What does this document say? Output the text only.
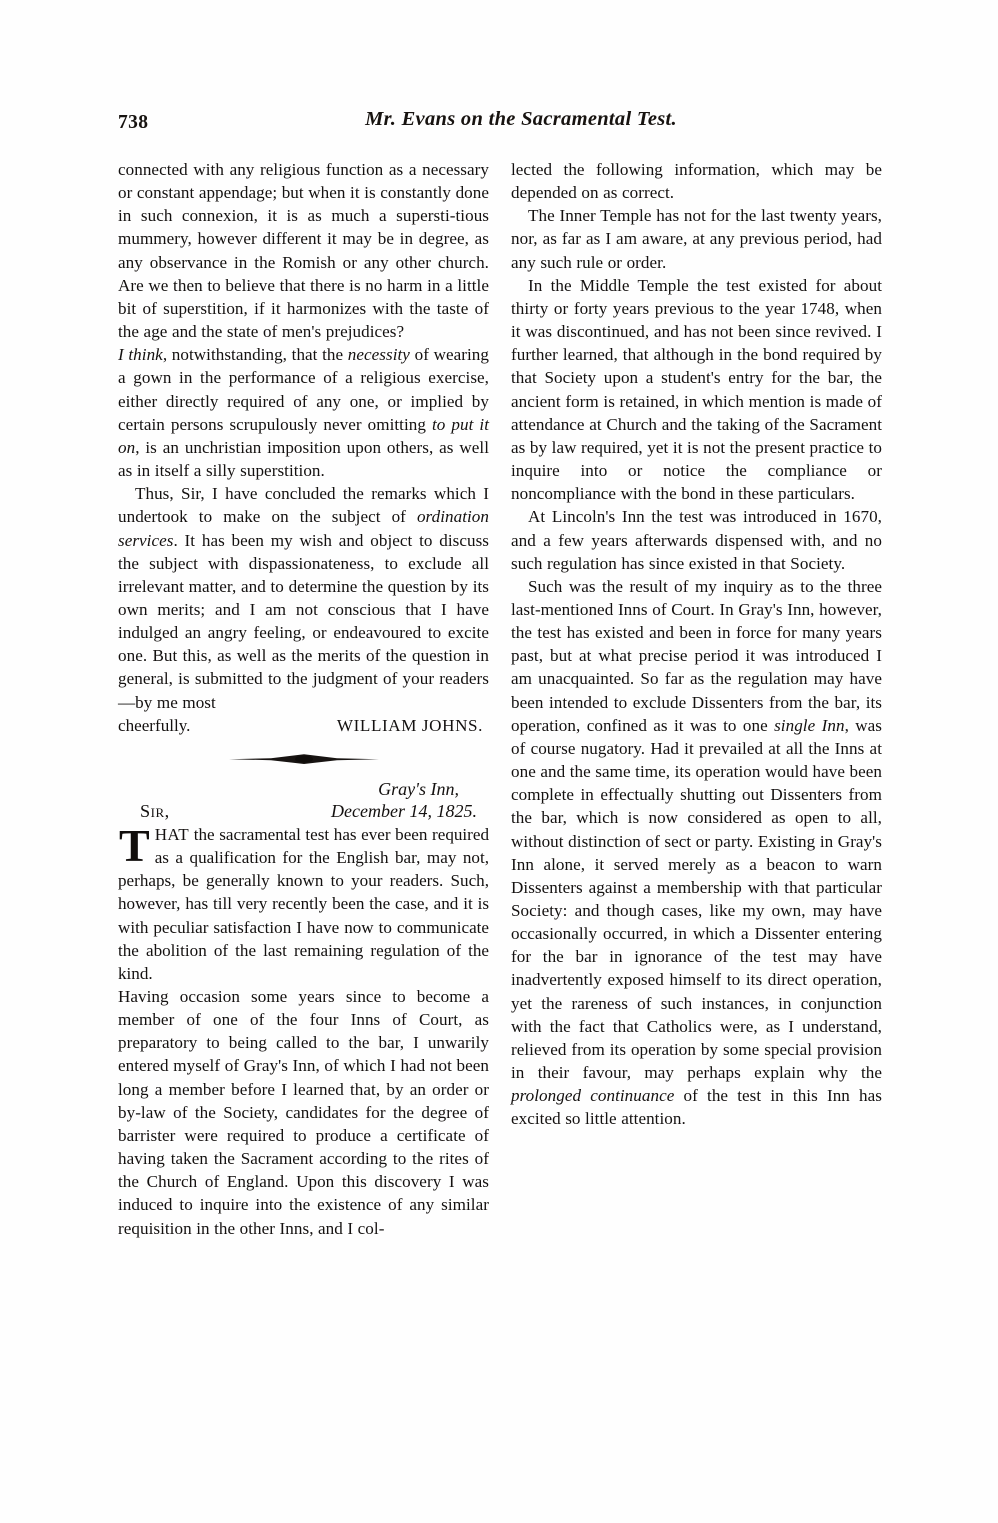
738	Mr. Evans on the Sacramental Test.

connected with any religious function as a necessary or constant appendage; but when it is constantly done in such connexion, it is as much a supersti-tious mummery, however different it may be in degree, as any observance in the Romish or any other church. Are we then to believe that there is no harm in a little bit of superstition, if it harmonizes with the taste of the age and the state of men's prejudices?

I think, notwithstanding, that the necessity of wearing a gown in the performance of a religious exercise, either directly required of any one, or implied by certain persons scrupulously never omitting to put it on, is an unchristian imposition upon others, as well as in itself a silly superstition.

Thus, Sir, I have concluded the remarks which I undertook to make on the subject of ordination services. It has been my wish and object to discuss the subject with dispassionateness, to exclude all irrelevant matter, and to determine the question by its own merits; and I am not conscious that I have indulged an angry feeling, or endeavoured to excite one. But this, as well as the merits of the question in general, is submitted to the judgment of your readers—by me most

cheerfully.	WILLIAM JOHNS.
Gray's Inn,
Sir,	December 14, 1825.

THAT the sacramental test has ever been required as a qualification for the English bar, may not, perhaps, be generally known to your readers. Such, however, has till very recently been the case, and it is with peculiar satisfaction I have now to communicate the abolition of the last remaining regulation of the kind.

Having occasion some years since to become a member of one of the four Inns of Court, as preparatory to being called to the bar, I unwarily entered myself of Gray's Inn, of which I had not been long a member before I learned that, by an order or by-law of the Society, candidates for the degree of barrister were required to produce a certificate of having taken the Sacrament according to the rites of the Church of England. Upon this discovery I was induced to inquire into the existence of any similar requisition in the other Inns, and I col-

lected the following information, which may be depended on as correct.

The Inner Temple has not for the last twenty years, nor, as far as I am aware, at any previous period, had any such rule or order.

In the Middle Temple the test existed for about thirty or forty years previous to the year 1748, when it was discontinued, and has not been since revived. I further learned, that although in the bond required by that Society upon a student's entry for the bar, the ancient form is retained, in which mention is made of attendance at Church and the taking of the Sacrament as by law required, yet it is not the present practice to inquire into or notice the compliance or noncompliance with the bond in these particulars.

At Lincoln's Inn the test was introduced in 1670, and a few years afterwards dispensed with, and no such regulation has since existed in that Society.

Such was the result of my inquiry as to the three last-mentioned Inns of Court. In Gray's Inn, however, the test has existed and been in force for many years past, but at what precise period it was introduced I am unacquainted. So far as the regulation may have been intended to exclude Dissenters from the bar, its operation, confined as it was to one single Inn, was of course nugatory. Had it prevailed at all the Inns at one and the same time, its operation would have been complete in effectually shutting out Dissenters from the bar, which is now considered as open to all, without distinction of sect or party. Existing in Gray's Inn alone, it served merely as a beacon to warn Dissenters against a membership with that particular Society: and though cases, like my own, may have occasionally occurred, in which a Dissenter entering for the bar in ignorance of the test may have inadvertently exposed himself to its direct operation, yet the rareness of such instances, in conjunction with the fact that Catholics were, as I understand, relieved from its operation by some special provision in their favour, may perhaps explain why the prolonged continuance of the test in this Inn has excited so little attention.
